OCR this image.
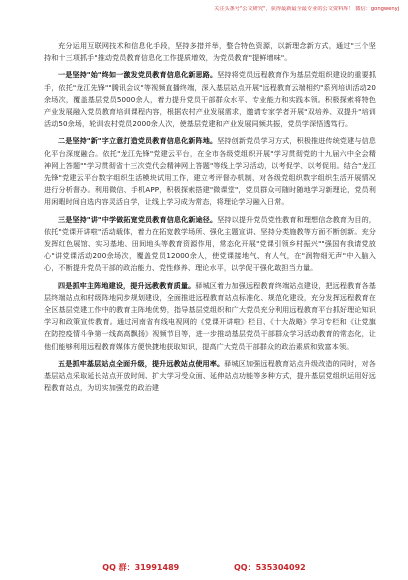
关注头条号"公文研究"，获得最新最全最专业的公文资料库！ 微信：gongwenyj

充分运用互联网技术和信息化手段，坚持多措并举，整合特色资源，以新理念新方式，通过"三个坚持和十三项抓手"推动党员教育信息化工作提质增效，为党员教育"提鲜增味"。

一是坚持"始"终如一激发党员教育信息化新思路。坚持将党员远程教育作为基层党组织建设的重要抓手，依托"龙江先锋""腾讯会议"等视频直播终端，深入基层站点开展"远程教育云端相约"系列培训活动20余场次，覆盖基层党员5000余人，着力提升党员干部群众水平、专业能力和实践本领。积极探索将特色产业发展融入党员教育培训课程内容，根据农村产业发展需求，邀请专家学者开展"双培养、双提升"培训活动50余场，轮训农村党员2000余人次，使基层党建和产业发展同频共振，党员学深悟透笃行。

二是坚持"新"字立意打造党员教育信息化新阵地。坚持创新党员学习方式，积极推进传统党建与信息化平台深度融合。依托"龙江先锋"党建云平台，在全市各级党组织开展"学习贯彻党的十九届六中全会精神网上答题""学习贯彻省十三次党代会精神网上答题"等线上学习活动，以考促学、以考促用。结合"龙江先锋"党建云平台数字组织生活模块试用工作，建立考评督办机制，对各级党组织数字组织生活开展情况进行分析督办。利用微信、手机APP，积极探索搭建"微课堂"，党员群众可随时随地学习新理论，党员利用闲暇时间自选内容灵活自学，让线上学习成为常态，将理论学习融入日常。

三是坚持"讲"中学做拓宽党员教育信息化新途径。坚持以提升党员党性教育和理想信念教育为目的，依托"党课开讲啦"活动载体，着力在拓宽教学场所、强化主题宣讲、坚持分类施教等方面不断创新。充分发挥红色展馆、实习基地、田间地头等教育资源作用，常态化开展"党课引领乡村振兴""强国有我请党放心"讲党课活动200余场次，覆盖党员12000余人，使党课接地气、有人气，在"润物细无声"中入脑入心，不断提升党员干部的政治能力、党性修养、理论水平，以学促干强化敢担当力量。

四是抓牢主阵地建设，提升远教教育质量。驿城区着力加强远程教育终端站点建设，把远程教育各基层终端站点和村级阵地同步规划建设，全面推进远程教育站点标准化、规范化建设，充分发挥远程教育在全区基层党建工作中的教育主阵地优势，指导基层党组织和广大党员充分利用远程教育平台抓好理论知识学习和政策宣传教育。通过河南省有线电视网的《党课开讲啦》栏目、《十大战略》学习专栏和《让党旗在防控疫情斗争第一线高高飘扬》视频节目等，进一步推动基层党员干部群众学习活动教育的常态化，让他们能够利用远程教育媒体方便快捷地获取知识，提高广大党员干部群众的政治素质和致富本领。

五是抓牢基层站点全面升级，提升远教站点使用率。驿城区加强远程教育站点升级改造的同时，对各基层站点采取延长站点开放时间、扩大学习受众面、延伸站点功能等多种方式，提升基层党组织运用好远程教育站点，为切实加强党的政治建

QQ 群：31991489	QQ：535304092
